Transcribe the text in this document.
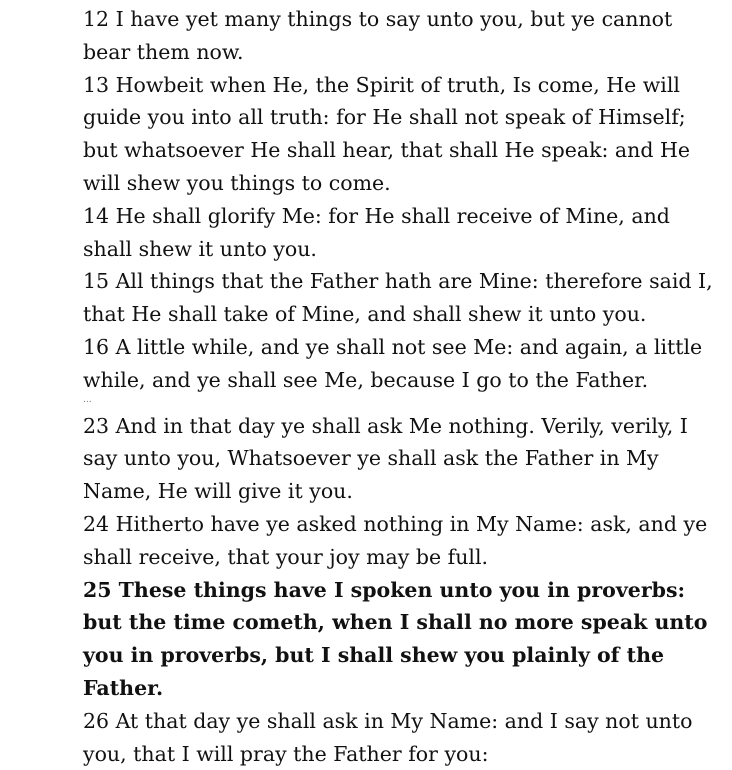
12 I have yet many things to say unto you, but ye cannot bear them now.

13 Howbeit when He, the Spirit of truth, Is come, He will guide you into all truth: for He shall not speak of Himself; but whatsoever He shall hear, that shall He speak: and He will shew you things to come.

14 He shall glorify Me: for He shall receive of Mine, and shall shew it unto you.

15 All things that the Father hath are Mine: therefore said I, that He shall take of Mine, and shall shew it unto you.

16 A little while, and ye shall not see Me: and again, a little while, and ye shall see Me, because I go to the Father.

...

23 And in that day ye shall ask Me nothing. Verily, verily, I say unto you, Whatsoever ye shall ask the Father in My Name, He will give it you.

24 Hitherto have ye asked nothing in My Name: ask, and ye shall receive, that your joy may be full.

25 These things have I spoken unto you in proverbs: but the time cometh, when I shall no more speak unto you in proverbs, but I shall shew you plainly of the Father.

26 At that day ye shall ask in My Name: and I say not unto you, that I will pray the Father for you:
